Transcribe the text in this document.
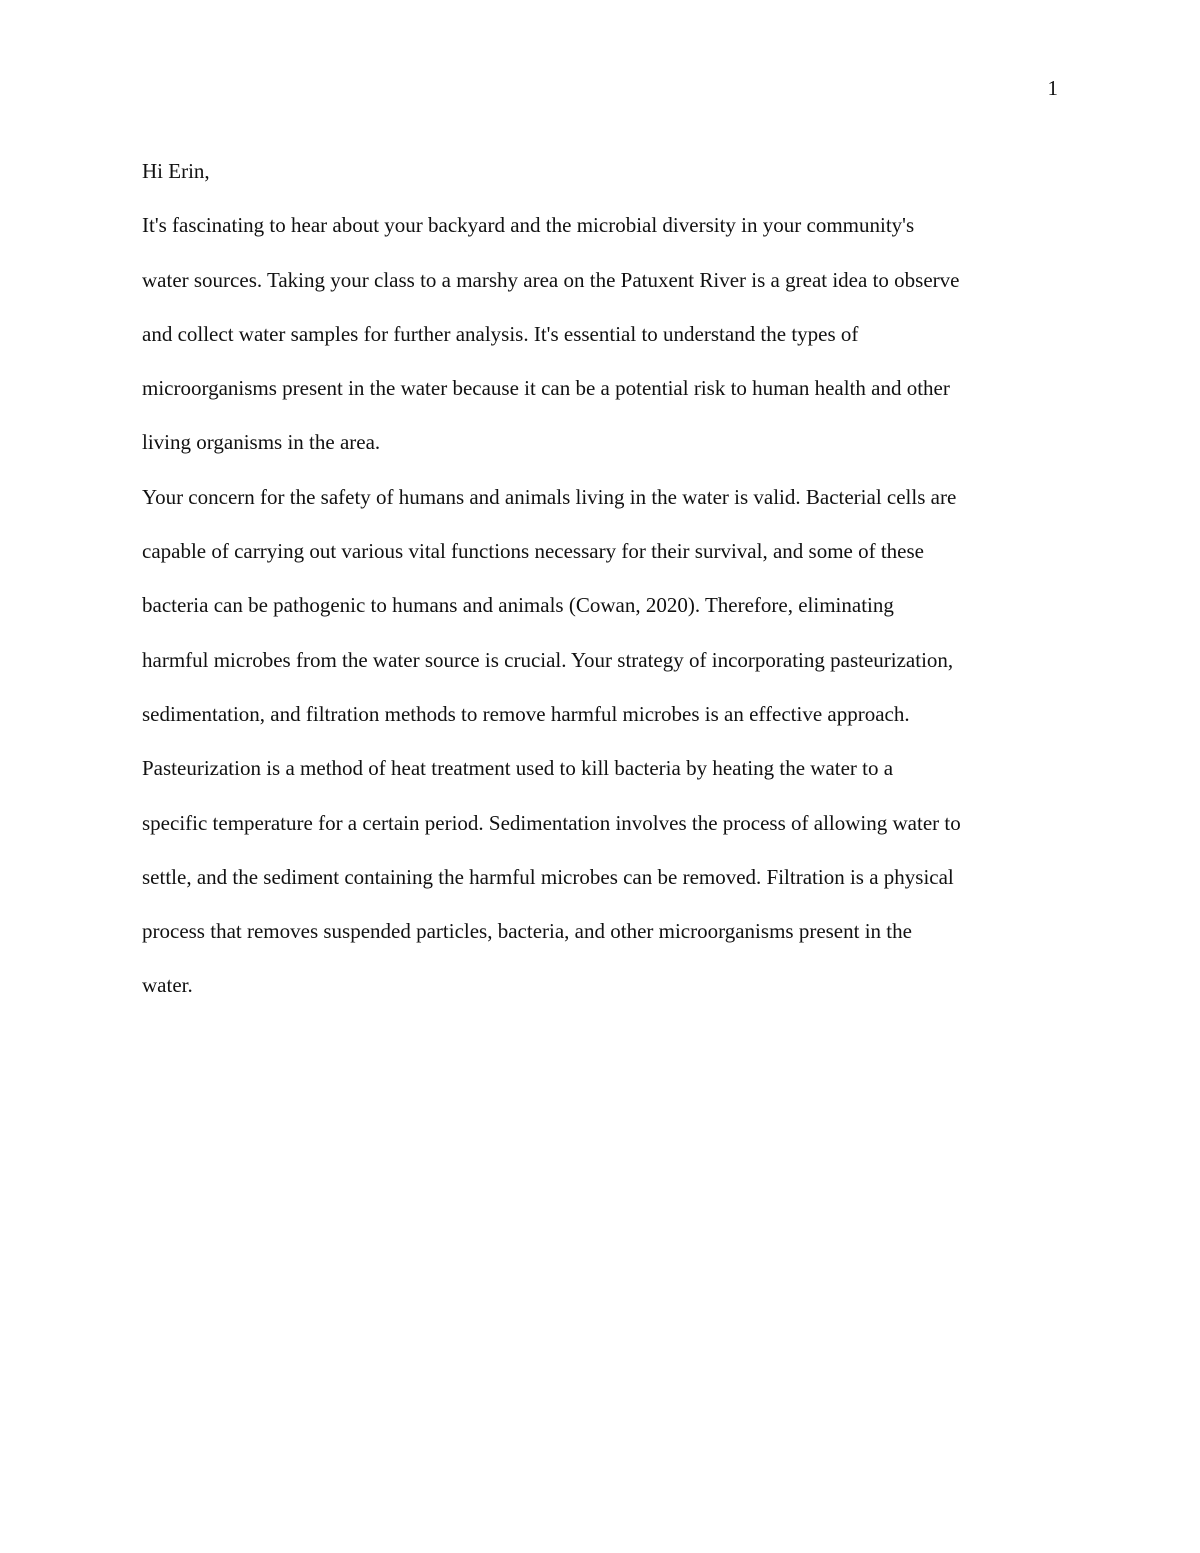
1

Hi Erin,

It's fascinating to hear about your backyard and the microbial diversity in your community's
water sources. Taking your class to a marshy area on the Patuxent River is a great idea to observe
and collect water samples for further analysis. It's essential to understand the types of
microorganisms present in the water because it can be a potential risk to human health and other
living organisms in the area.

Your concern for the safety of humans and animals living in the water is valid. Bacterial cells are
capable of carrying out various vital functions necessary for their survival, and some of these
bacteria can be pathogenic to humans and animals (Cowan, 2020). Therefore, eliminating
harmful microbes from the water source is crucial. Your strategy of incorporating pasteurization,
sedimentation, and filtration methods to remove harmful microbes is an effective approach.
Pasteurization is a method of heat treatment used to kill bacteria by heating the water to a
specific temperature for a certain period. Sedimentation involves the process of allowing water to
settle, and the sediment containing the harmful microbes can be removed. Filtration is a physical
process that removes suspended particles, bacteria, and other microorganisms present in the
water.
